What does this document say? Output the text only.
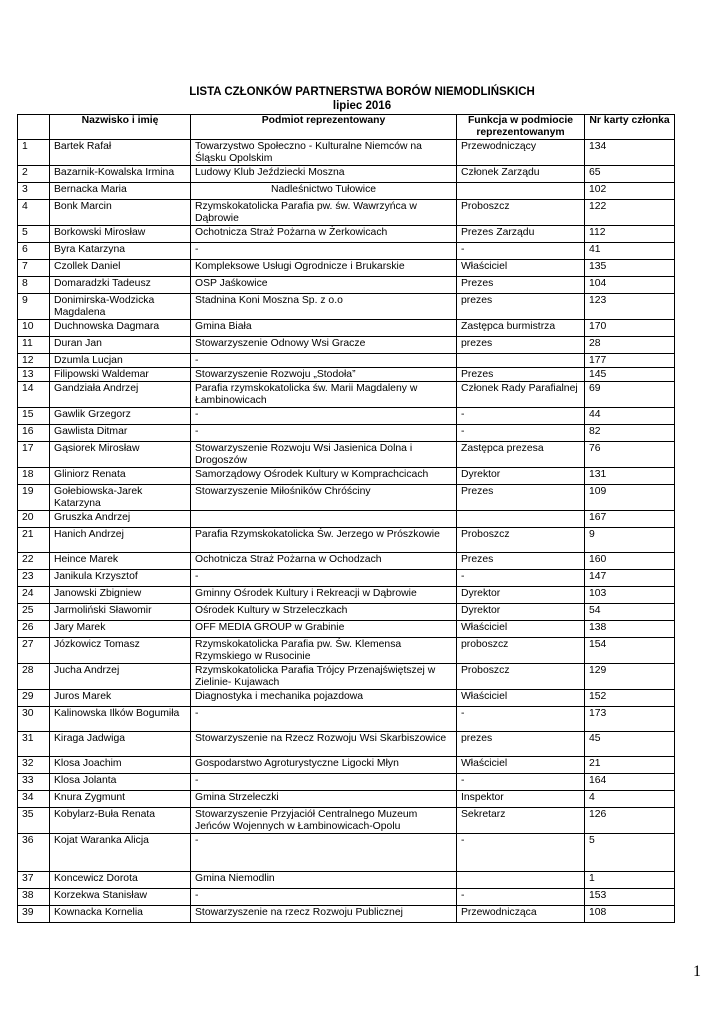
LISTA CZŁONKÓW PARTNERSTWA BORÓW NIEMODLIŃSKICH
lipiec 2016
	Nazwisko i imię	Podmiot reprezentowany	Funkcja w podmiocie reprezentowanym	Nr karty członka
1	Bartek Rafał	Towarzystwo Społeczno - Kulturalne Niemców na Śląsku Opolskim	Przewodniczący	134
2	Bazarnik-Kowalska Irmina	Ludowy Klub Jeździecki Moszna	Członek Zarządu	65
3	Bernacka Maria	Nadleśnictwo Tułowice		102
4	Bonk Marcin	Rzymskokatolicka Parafia pw. św. Wawrzyńca w Dąbrowie	Proboszcz	122
5	Borkowski Mirosław	Ochotnicza Straż Pożarna w Żerkowicach	Prezes Zarządu	112
6	Byra Katarzyna	-	-	41
7	Czollek Daniel	Kompleksowe Usługi Ogrodnicze i Brukarskie	Właściciel	135
8	Domaradzki Tadeusz	OSP Jaśkowice	Prezes	104
9	Donimirska-Wodzicka Magdalena	Stadnina Koni Moszna Sp. z o.o	prezes	123
10	Duchnowska Dagmara	Gmina Biała	Zastępca burmistrza	170
11	Duran Jan	Stowarzyszenie Odnowy Wsi Gracze	prezes	28
12	Dzumla Lucjan	-		177
13	Filipowski Waldemar	Stowarzyszenie Rozwoju „Stodoła”	Prezes	145
14	Gandziała Andrzej	Parafia rzymskokatolicka św. Marii Magdaleny w Łambinowicach	Członek Rady Parafialnej	69
15	Gawlik Grzegorz	-	-	44
16	Gawlista Ditmar	-	-	82
17	Gąsiorek Mirosław	Stowarzyszenie Rozwoju Wsi Jasienica Dolna i Drogoszów	Zastępca prezesa	76
18	Gliniorz Renata	Samorządowy Ośrodek Kultury w Komprachcicach	Dyrektor	131
19	Gołebiowska-Jarek Katarzyna	Stowarzyszenie Miłośników Chróściny	Prezes	109
20	Gruszka Andrzej			167
21	Hanich Andrzej	Parafia Rzymskokatolicka Św. Jerzego w Prószkowie	Proboszcz	9
22	Heince Marek	Ochotnicza Straż Pożarna w Ochodzach	Prezes	160
23	Janikula Krzysztof	-	-	147
24	Janowski Zbigniew	Gminny Ośrodek Kultury i Rekreacji w Dąbrowie	Dyrektor	103
25	Jarmoliński Sławomir	Ośrodek Kultury w Strzeleczkach	Dyrektor	54
26	Jary Marek	OFF MEDIA GROUP w Grabinie	Właściciel	138
27	Józkowicz Tomasz	Rzymskokatolicka Parafia pw. Św. Klemensa Rzymskiego w Rusocinie	proboszcz	154
28	Jucha Andrzej	Rzymskokatolicka Parafia Trójcy Przenajświętszej w Zielinie- Kujawach	Proboszcz	129
29	Juros Marek	Diagnostyka i mechanika pojazdowa	Właściciel	152
30	Kalinowska Ilków Bogumiła	-	-	173
31	Kiraga Jadwiga	Stowarzyszenie na Rzecz Rozwoju Wsi Skarbiszowice	prezes	45
32	Klosa Joachim	Gospodarstwo Agroturystyczne Ligocki Młyn	Właściciel	21
33	Klosa Jolanta	-	-	164
34	Knura Zygmunt	Gmina Strzeleczki	Inspektor	4
35	Kobylarz-Buła Renata	Stowarzyszenie Przyjaciół Centralnego Muzeum Jeńców Wojennych w Łambinowicach-Opolu	Sekretarz	126
36	Kojat Waranka Alicja	-	-	5
37	Koncewicz Dorota	Gmina Niemodlin		1
38	Korzekwa Stanisław	-	-	153
39	Kownacka Kornelia	Stowarzyszenie na rzecz Rozwoju Publicznej	Przewodnicząca	108
1
